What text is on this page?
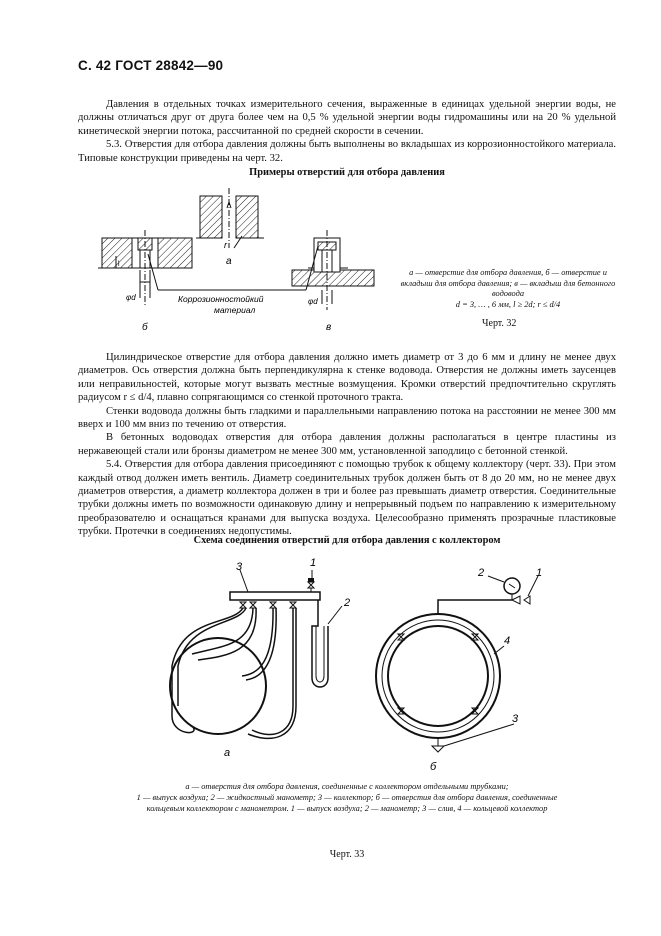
С. 42 ГОСТ 28842—90

Давления в отдельных точках измерительного сечения, выраженные в единицах удельной энергии воды, не должны отличаться друг от друга более чем на 0,5 % удельной энергии воды гидромашины или на 20 % удельной кинетической энергии потока, рассчитанной по средней скорости в сечении.

5.3. Отверстия для отбора давления должны быть выполнены во вкладышах из коррозионностойкого материала. Типовые конструкции приведены на черт. 32.

Примеры отверстий для отбора давления
r
а
l
φd
б
φd
в
Коррозионностойкий
материал
а — отверстие для отбора давления, б — отверстие и вкладыш для отбора давления; в — вкладыш для бетонного водовода
d = 3, … , 6 мм, l ≥ 2d; r ≤ d/4
Черт. 32

Цилиндрическое отверстие для отбора давления должно иметь диаметр от 3 до 6 мм и длину не менее двух диаметров. Ось отверстия должна быть перпендикулярна к стенке водовода. Отверстия не должны иметь заусенцев или неправильностей, которые могут вызвать местные возмущения. Кромки отверстий предпочтительно скруглять радиусом r ≤ d/4, плавно сопрягающимся со стенкой проточного тракта.

Стенки водовода должны быть гладкими и параллельными направлению потока на расстоянии не менее 300 мм вверх и 100 мм вниз по течению от отверстия.

В бетонных водоводах отверстия для отбора давления должны располагаться в центре пластины из нержавеющей стали или бронзы диаметром не менее 300 мм, установленной заподлицо с бетонной стенкой.

5.4. Отверстия для отбора давления присоединяют с помощью трубок к общему коллектору (черт. 33). При этом каждый отвод должен иметь вентиль. Диаметр соединительных трубок должен быть от 8 до 20 мм, но не менее двух диаметров отверстия, а диаметр коллектора должен в три и более раз превышать диаметр отверстия. Соединительные трубки должны иметь по возможности одинаковую длину и непрерывный подъем по направлению к измерительному преобразователю и оснащаться кранами для выпуска воздуха. Целесообразно применять прозрачные пластиковые трубки. Протечки в соединениях недопустимы.

Схема соединения отверстий для отбора давления с коллектором
3	1
2
а
2	1
4
3
б
а — отверстия для отбора давления, соединенные с коллектором отдельными трубками;
1 — выпуск воздуха; 2 — жидкостный манометр; 3 — коллектор; б — отверстия для отбора давления, соединенные
кольцевым коллектором с манометром. 1 — выпуск воздуха; 2 — манометр; 3 — слив, 4 — кольцевой коллектор
Черт. 33
